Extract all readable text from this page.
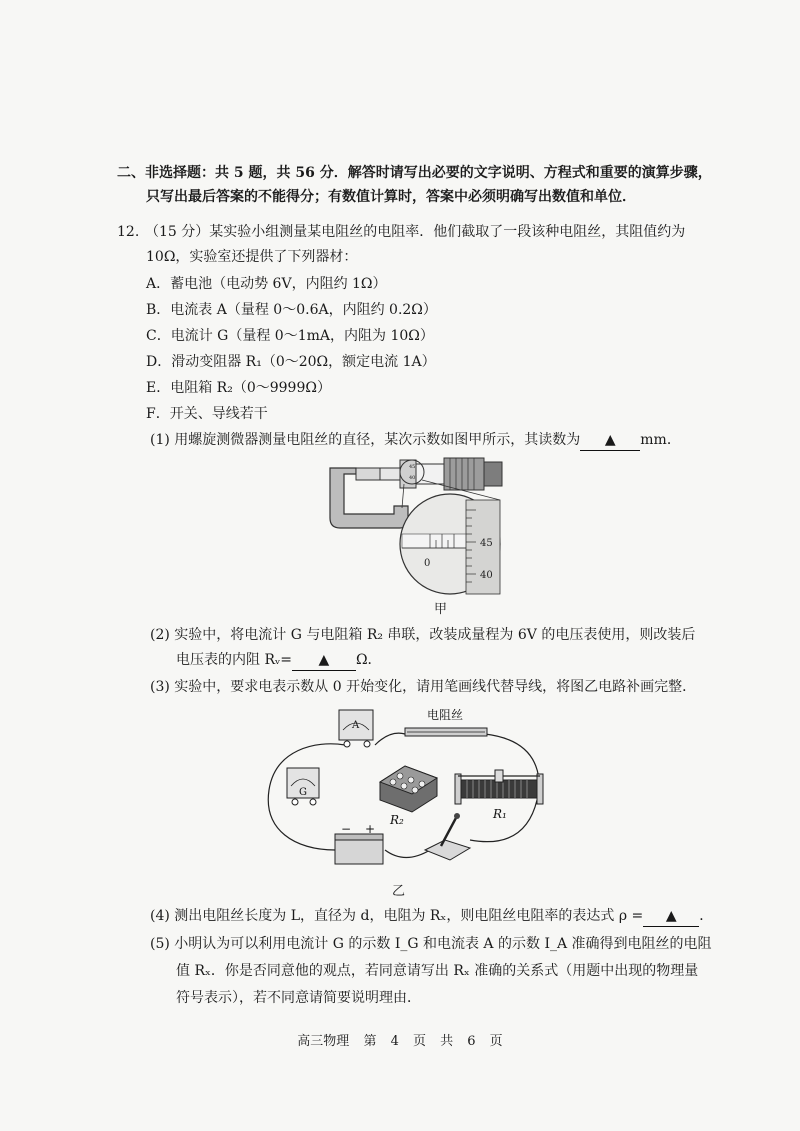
二、非选择题：共 5 题，共 56 分．解答时请写出必要的文字说明、方程式和重要的演算步骤，
只写出最后答案的不能得分；有数值计算时，答案中必须明确写出数值和单位．
12. （15 分）某实验小组测量某电阻丝的电阻率．他们截取了一段该种电阻丝，其阻值约为
10Ω，实验室还提供了下列器材：
A．蓄电池（电动势 6V，内阻约 1Ω）
B．电流表 A（量程 0～0.6A，内阻约 0.2Ω）
C．电流计 G（量程 0～1mA，内阻为 10Ω）
D．滑动变阻器 R₁（0～20Ω，额定电流 1A）
E．电阻箱 R₂（0～9999Ω）
F．开关、导线若干
(1) 用螺旋测微器测量电阻丝的直径，某次示数如图甲所示，其读数为 ▲ mm．
45
40
45
40
0
甲
(2) 实验中，将电流计 G 与电阻箱 R₂ 串联，改装成量程为 6V 的电压表使用，则改装后
电压表的内阻 Rᵥ= ▲ Ω．
(3) 实验中，要求电表示数从 0 开始变化，请用笔画线代替导线，将图乙电路补画完整．
A
电阻丝
G
R₂	R₁
− +
乙
(4) 测出电阻丝长度为 L，直径为 d，电阻为 Rₓ，则电阻丝电阻率的表达式 ρ = ▲ ．
(5) 小明认为可以利用电流计 G 的示数 I_G 和电流表 A 的示数 I_A 准确得到电阻丝的电阻
值 Rₓ．你是否同意他的观点，若同意请写出 Rₓ 准确的关系式（用题中出现的物理量
符号表示），若不同意请简要说明理由．
高三物理 第 4 页 共 6 页
